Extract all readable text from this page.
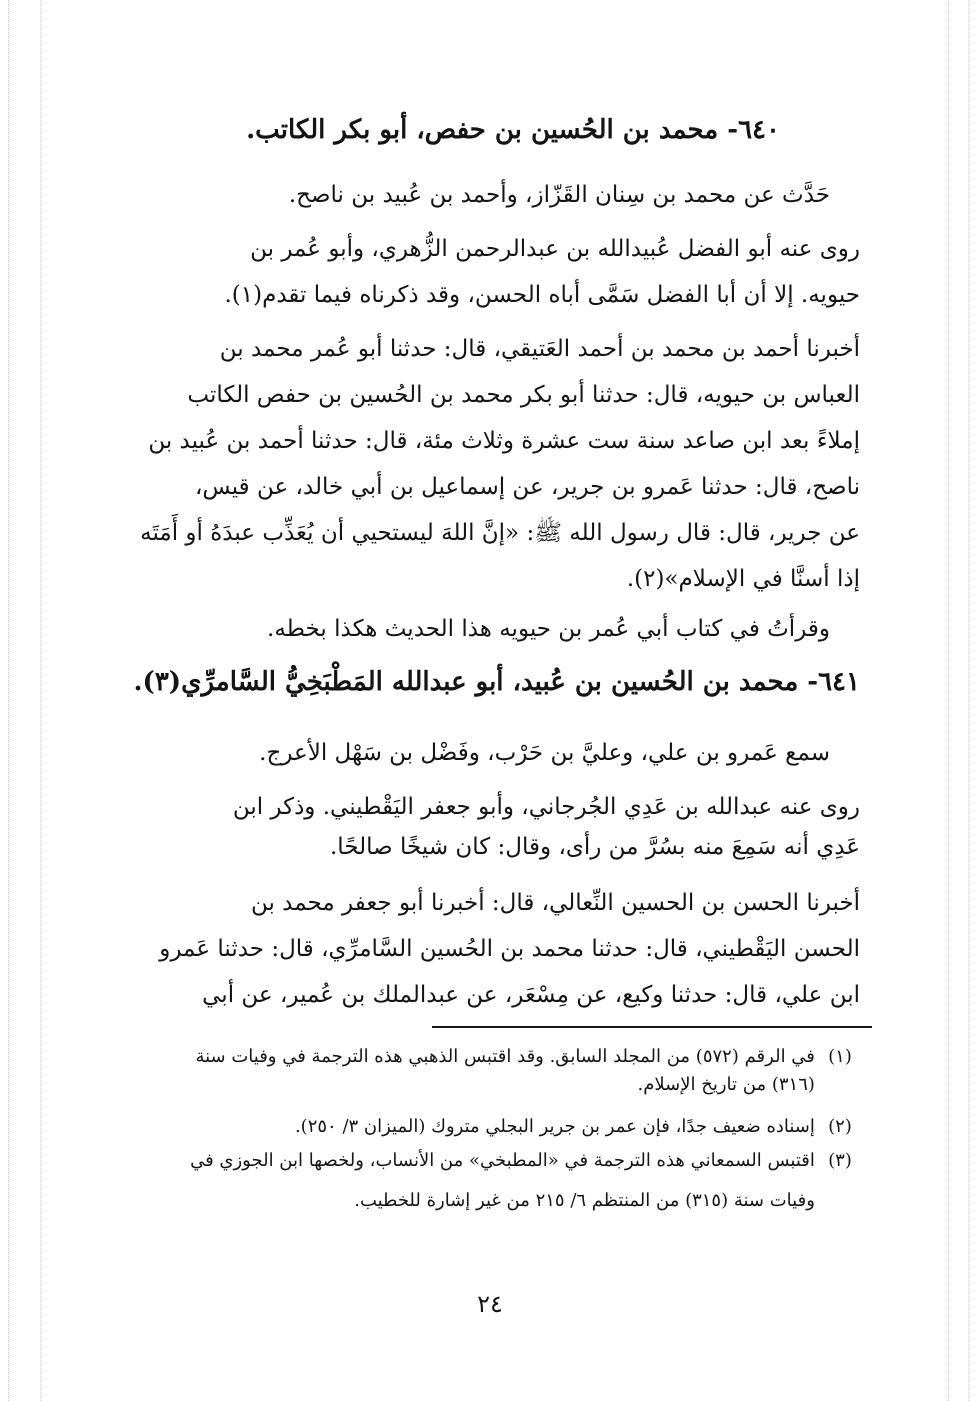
٦٤٠- محمد بن الحُسين بن حفص، أبو بكر الكاتب.
حَدَّث عن محمد بن سِنان القَزّاز، وأحمد بن عُبيد بن ناصح.
روى عنه أبو الفضل عُبيدالله بن عبدالرحمن الزُّهري، وأبو عُمر بن
حيويه. إلا أن أبا الفضل سَمَّى أباه الحسن، وقد ذكرناه فيما تقدم(١).
أخبرنا أحمد بن محمد بن أحمد العَتيقي، قال: حدثنا أبو عُمر محمد بن
العباس بن حيويه، قال: حدثنا أبو بكر محمد بن الحُسين بن حفص الكاتب
إملاءً بعد ابن صاعد سنة ست عشرة وثلاث مئة، قال: حدثنا أحمد بن عُبيد بن
ناصح، قال: حدثنا عَمرو بن جرير، عن إسماعيل بن أبي خالد، عن قيس،
عن جرير، قال: قال رسول الله ﷺ: «إنَّ اللهَ ليستحيي أن يُعَذِّب عبدَهُ أو أَمَتَه
إذا أسنَّا في الإسلام»(٢).
وقرأتُ في كتاب أبي عُمر بن حيويه هذا الحديث هكذا بخطه.
٦٤١- محمد بن الحُسين بن عُبيد، أبو عبدالله المَطْبَخِيُّ السَّامرِّي(٣).
سمع عَمرو بن علي، وعليَّ بن حَرْب، وفَضْل بن سَهْل الأعرج.
روى عنه عبدالله بن عَدِي الجُرجاني، وأبو جعفر اليَقْطيني. وذكر ابن
عَدِي أنه سَمِعَ منه بسُرَّ من رأى، وقال: كان شيخًا صالحًا.
أخبرنا الحسن بن الحسين النِّعالي، قال: أخبرنا أبو جعفر محمد بن
الحسن اليَقْطيني، قال: حدثنا محمد بن الحُسين السَّامرِّي، قال: حدثنا عَمرو
ابن علي، قال: حدثنا وكيع، عن مِسْعَر، عن عبدالملك بن عُمير، عن أبي
(١) في الرقم (٥٧٢) من المجلد السابق. وقد اقتبس الذهبي هذه الترجمة في وفيات سنة
(٣١٦) من تاريخ الإسلام.
(٢) إسناده ضعيف جدًا، فإن عمر بن جرير البجلي متروك (الميزان ٣/ ٢٥٠).
(٣) اقتبس السمعاني هذه الترجمة في «المطبخي» من الأنساب، ولخصها ابن الجوزي في
وفيات سنة (٣١٥) من المنتظم ٦/ ٢١٥ من غير إشارة للخطيب.
٢٤
